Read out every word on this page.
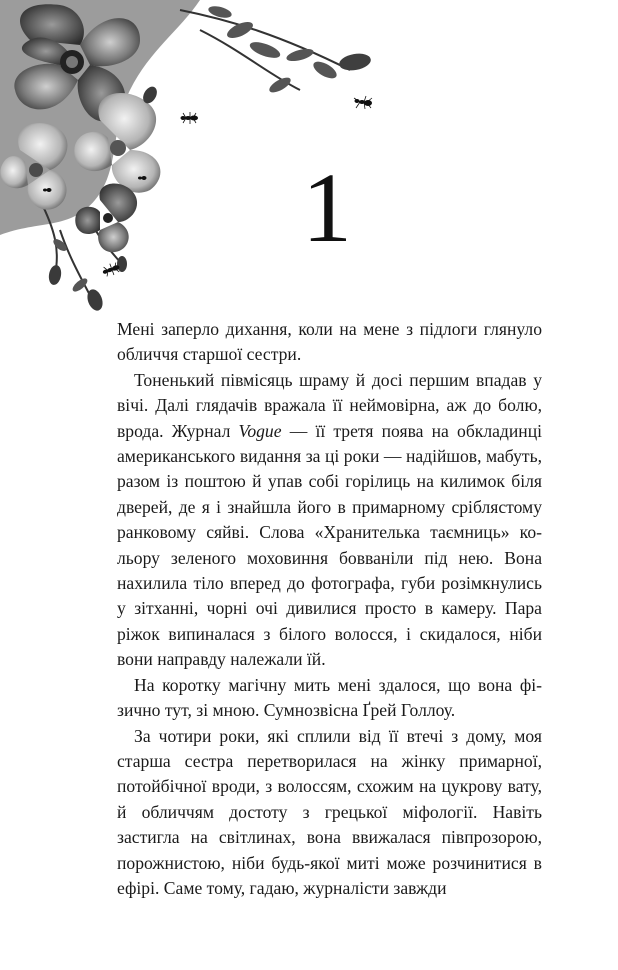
1

Мені заперло дихання, коли на мене з підлоги глянуло обличчя старшої сестри.

Тоненький півмісяць шраму й досі першим впадав у вічі. Далі глядачів вражала її неймовірна, аж до болю, врода. Журнал Vogue — її третя поява на обкладинці американського видання за ці роки — надійшов, мабуть, разом із поштою й упав собі горілиць на килимок біля дверей, де я і знайшла його в примарному сріблястому ранковому сяйві. Слова «Хранителька таємниць» кольору зеленого моховиння бовваніли під нею. Вона нахилила тіло вперед до фотографа, губи розімкнулись у зітханні, чорні очі дивилися просто в камеру. Пара ріжок випиналася з білого волосся, і скидалося, ніби вони направду належали їй.

На коротку магічну мить мені здалося, що вона фізично тут, зі мною. Сумнозвісна Ґрей Голлоу.

За чотири роки, які сплили від її втечі з дому, моя старша сестра перетворилася на жінку примарної, потойбічної вроди, з волоссям, схожим на цукрову вату, й обличчям достоту з грецької міфології. Навіть застигла на світлинах, вона ввижалася півпрозорою, порожнистою, ніби будь-якої миті може розчинитися в ефірі. Саме тому, гадаю, журналісти завжди
